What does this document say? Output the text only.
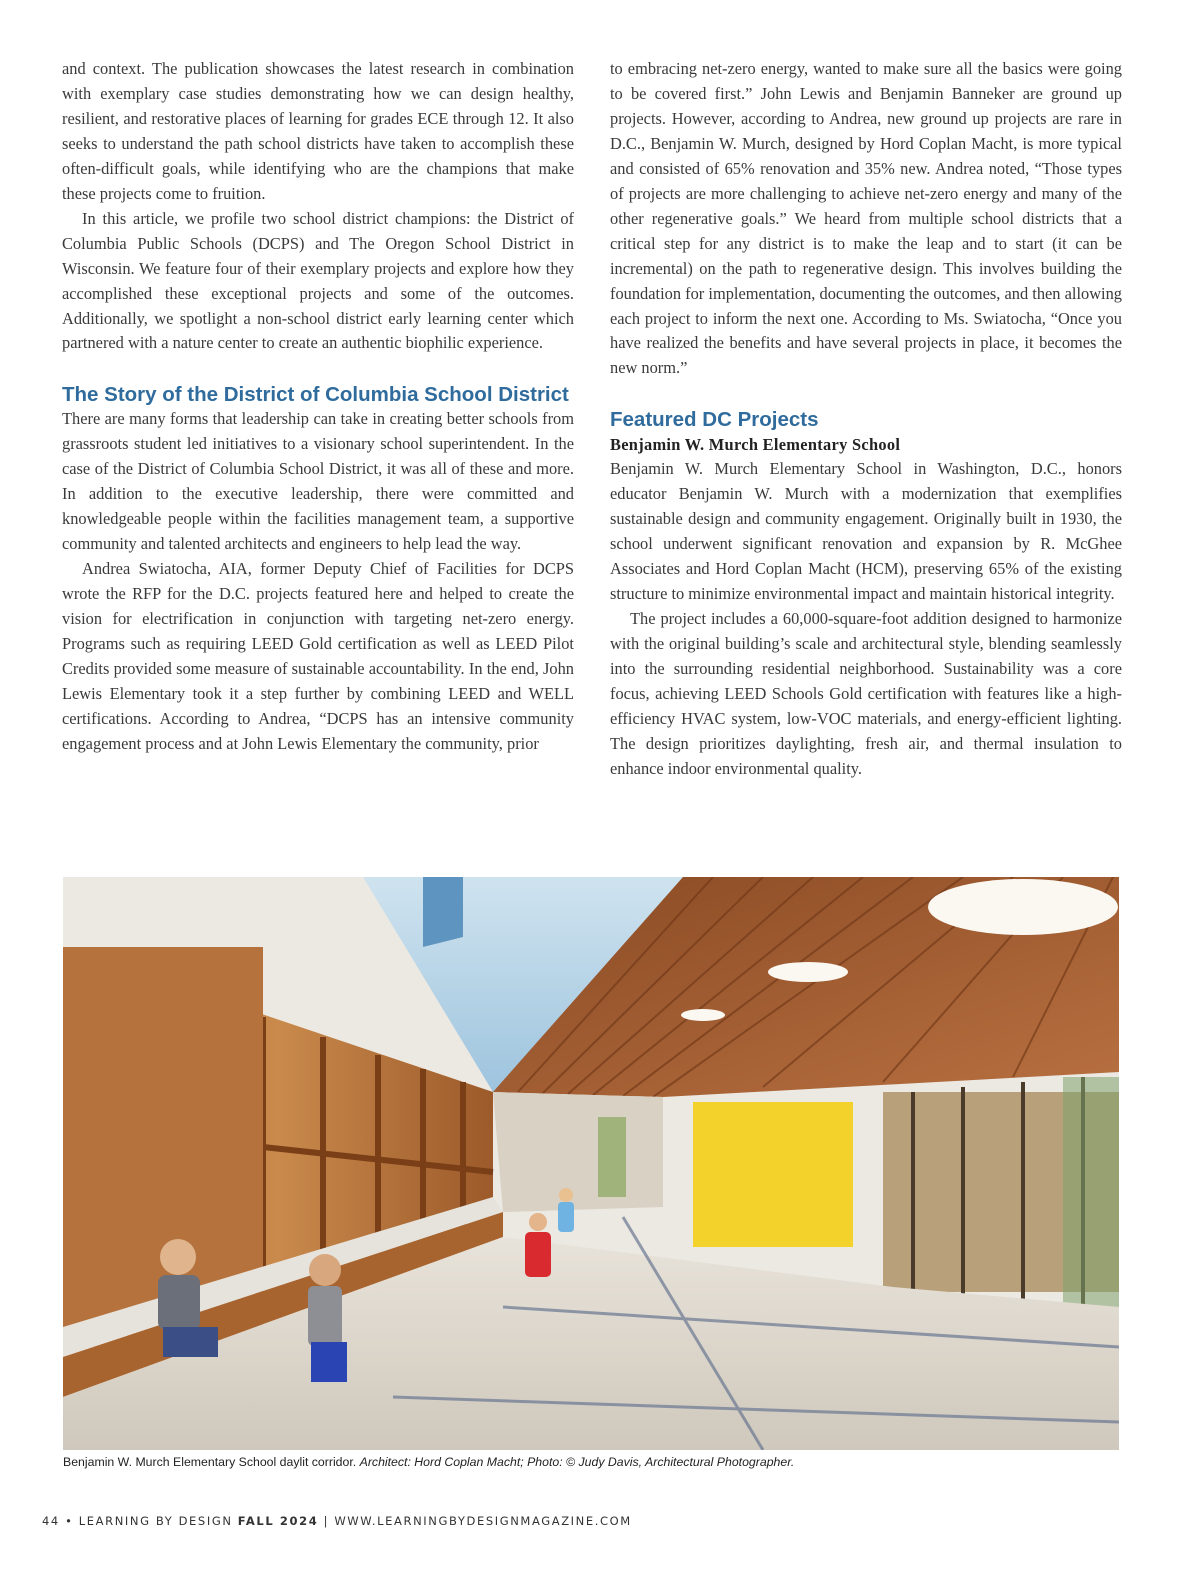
and context. The publication showcases the latest research in combination with exemplary case studies demonstrating how we can design healthy, resilient, and restorative places of learning for grades ECE through 12. It also seeks to understand the path school districts have taken to accomplish these often-difficult goals, while identifying who are the champions that make these projects come to fruition.

In this article, we profile two school district champions: the District of Columbia Public Schools (DCPS) and The Oregon School District in Wisconsin. We feature four of their exemplary projects and explore how they accomplished these exceptional projects and some of the outcomes. Additionally, we spotlight a non-school district early learning center which partnered with a nature center to create an authentic biophilic experience.

The Story of the District of Columbia School District

There are many forms that leadership can take in creating better schools from grassroots student led initiatives to a visionary school superintendent. In the case of the District of Columbia School District, it was all of these and more. In addition to the executive leadership, there were committed and knowledgeable people within the facilities management team, a supportive community and talented architects and engineers to help lead the way.

Andrea Swiatocha, AIA, former Deputy Chief of Facilities for DCPS wrote the RFP for the D.C. projects featured here and helped to create the vision for electrification in conjunction with targeting net-zero energy. Programs such as requiring LEED Gold certification as well as LEED Pilot Credits provided some measure of sustainable accountability. In the end, John Lewis Elementary took it a step further by combining LEED and WELL certifications. According to Andrea, “DCPS has an intensive community engagement process and at John Lewis Elementary the community, prior

to embracing net-zero energy, wanted to make sure all the basics were going to be covered first.” John Lewis and Benjamin Banneker are ground up projects. However, according to Andrea, new ground up projects are rare in D.C., Benjamin W. Murch, designed by Hord Coplan Macht, is more typical and consisted of 65% renovation and 35% new. Andrea noted, “Those types of projects are more challenging to achieve net-zero energy and many of the other regenerative goals.” We heard from multiple school districts that a critical step for any district is to make the leap and to start (it can be incremental) on the path to regenerative design. This involves building the foundation for implementation, documenting the outcomes, and then allowing each project to inform the next one. According to Ms. Swiatocha, “Once you have realized the benefits and have several projects in place, it becomes the new norm.”

Featured DC Projects
Benjamin W. Murch Elementary School

Benjamin W. Murch Elementary School in Washington, D.C., honors educator Benjamin W. Murch with a modernization that exemplifies sustainable design and community engagement. Originally built in 1930, the school underwent significant renovation and expansion by R. McGhee Associates and Hord Coplan Macht (HCM), preserving 65% of the existing structure to minimize environmental impact and maintain historical integrity.

The project includes a 60,000-square-foot addition designed to harmonize with the original building’s scale and architectural style, blending seamlessly into the surrounding residential neighborhood. Sustainability was a core focus, achieving LEED Schools Gold certification with features like a high-efficiency HVAC system, low-VOC materials, and energy-efficient lighting. The design prioritizes daylighting, fresh air, and thermal insulation to enhance indoor environmental quality.

Benjamin W. Murch Elementary School daylit corridor. Architect: Hord Coplan Macht; Photo: © Judy Davis, Architectural Photographer.
44 • LEARNING BY DESIGN FALL 2024 | WWW.LEARNINGBYDESIGNMAGAZINE.COM
